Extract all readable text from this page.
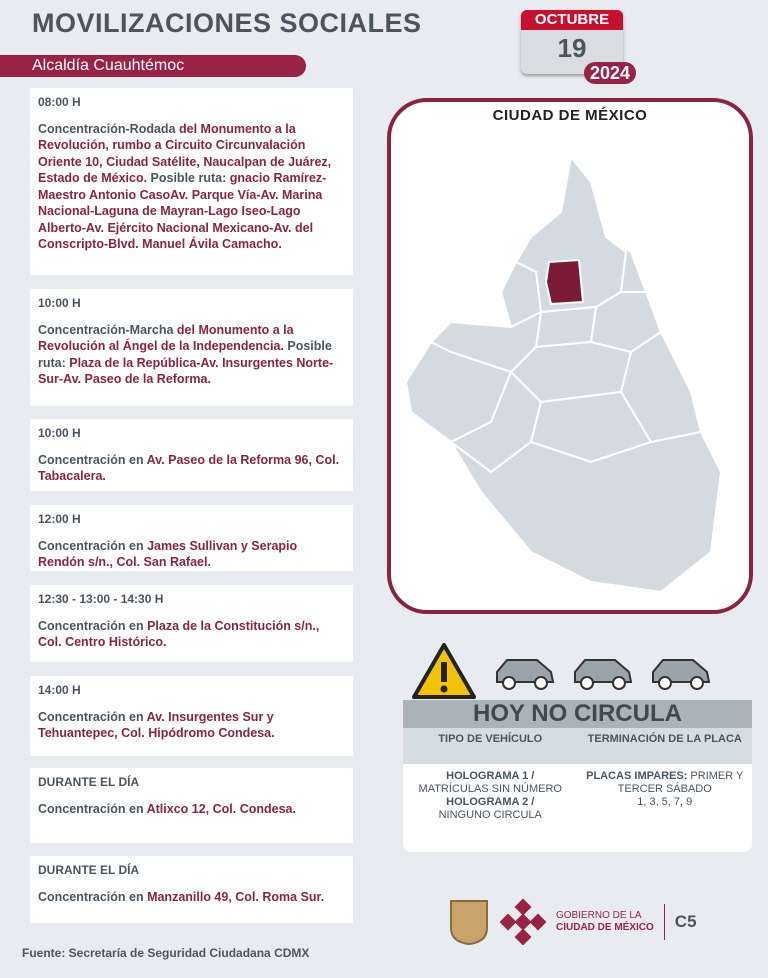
MOVILIZACIONES SOCIALES
Alcaldía Cuauhtémoc
OCTUBRE
19
2024
08:00 H
Concentración-Rodada del Monumento a la Revolución, rumbo a Circuito Circunvalación Oriente 10, Ciudad Satélite, Naucalpan de Juárez, Estado de México. Posible ruta: gnacio Ramírez-Maestro Antonio CasoAv. Parque Vía-Av. Marina Nacional-Laguna de Mayran-Lago Iseo-Lago Alberto-Av. Ejército Nacional Mexicano-Av. del Conscripto-Blvd. Manuel Ávila Camacho.
10:00 H
Concentración-Marcha del Monumento a la Revolución al Ángel de la Independencia. Posible ruta: Plaza de la República-Av. Insurgentes Norte-Sur-Av. Paseo de la Reforma.
10:00 H
Concentración en Av. Paseo de la Reforma 96, Col. Tabacalera.
12:00 H
Concentración en James Sullivan y Serapio Rendón s/n., Col. San Rafael.
12:30 - 13:00 - 14:30 H
Concentración en Plaza de la Constitución s/n., Col. Centro Histórico.
14:00 H
Concentración en Av. Insurgentes Sur y Tehuantepec, Col. Hipódromo Condesa.
DURANTE EL DÍA
Concentración en Atlixco 12, Col. Condesa.
DURANTE EL DÍA
Concentración en Manzanillo 49, Col. Roma Sur.
CIUDAD DE MÉXICO
HOY NO CIRCULA
TIPO DE VEHÍCULO	TERMINACIÓN DE LA PLACA
HOLOGRAMA 1 /
MATRÍCULAS SIN NÚMERO
HOLOGRAMA 2 /
NINGUNO CIRCULA
PLACAS IMPARES: PRIMER Y TERCER SÁBADO
1, 3, 5, 7, 9
GOBIERNO DE LA
CIUDAD DE MÉXICO C5
Fuente: Secretaría de Seguridad Ciudadana CDMX
